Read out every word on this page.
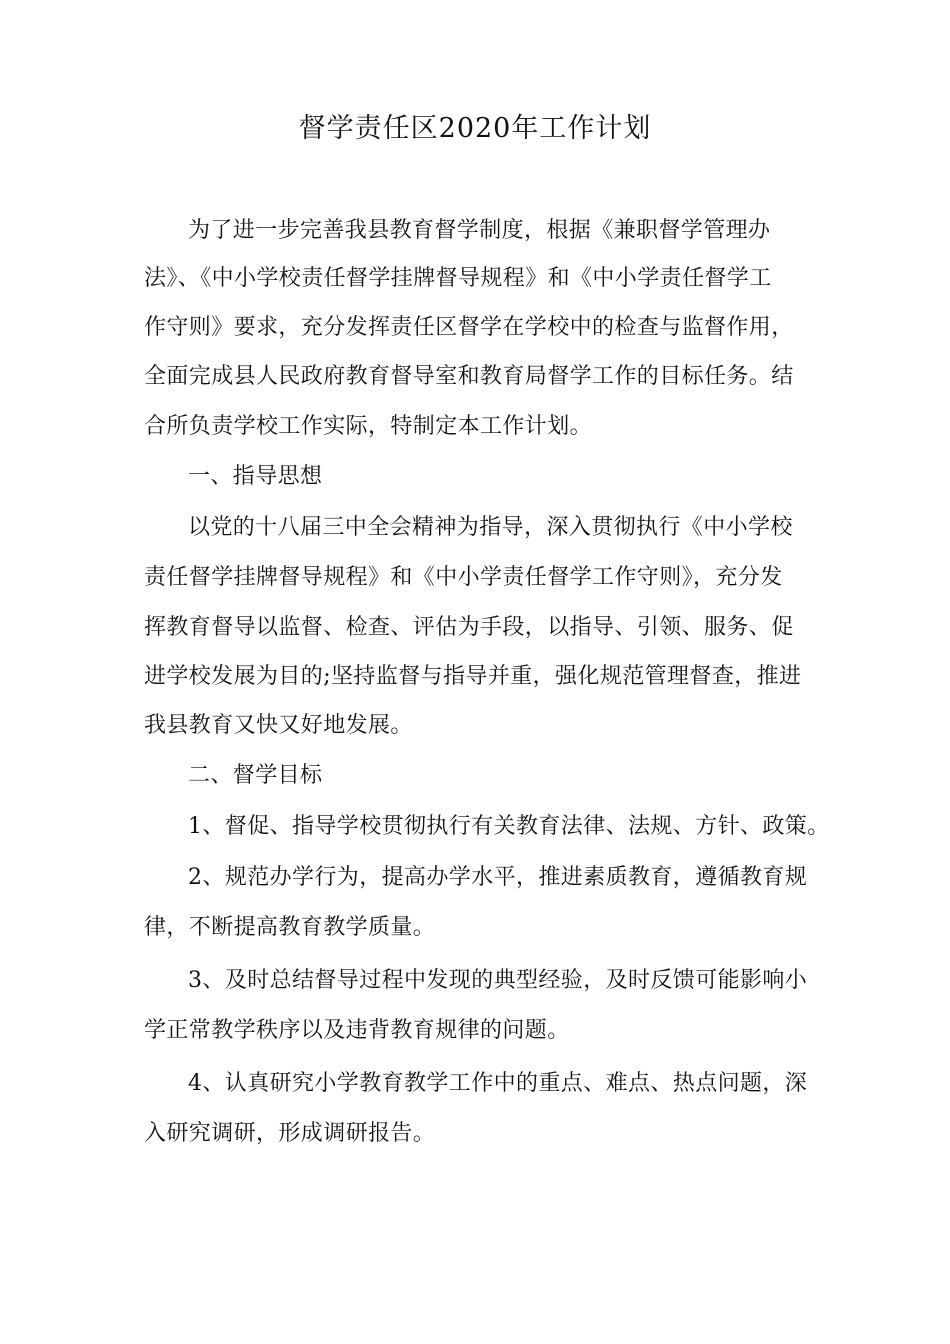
督学责任区2020年工作计划
为了进一步完善我县教育督学制度，根据《兼职督学管理办
法》、《中小学校责任督学挂牌督导规程》和《中小学责任督学工
作守则》要求，充分发挥责任区督学在学校中的检查与监督作用，
全面完成县人民政府教育督导室和教育局督学工作的目标任务。结
合所负责学校工作实际，特制定本工作计划。
一、指导思想
以党的十八届三中全会精神为指导，深入贯彻执行《中小学校
责任督学挂牌督导规程》和《中小学责任督学工作守则》，充分发
挥教育督导以监督、检查、评估为手段，以指导、引领、服务、促
进学校发展为目的;坚持监督与指导并重，强化规范管理督查，推进
我县教育又快又好地发展。
二、督学目标
1、督促、指导学校贯彻执行有关教育法律、法规、方针、政策。
2、规范办学行为，提高办学水平，推进素质教育，遵循教育规
律，不断提高教育教学质量。
3、及时总结督导过程中发现的典型经验，及时反馈可能影响小
学正常教学秩序以及违背教育规律的问题。
4、认真研究小学教育教学工作中的重点、难点、热点问题，深
入研究调研，形成调研报告。
